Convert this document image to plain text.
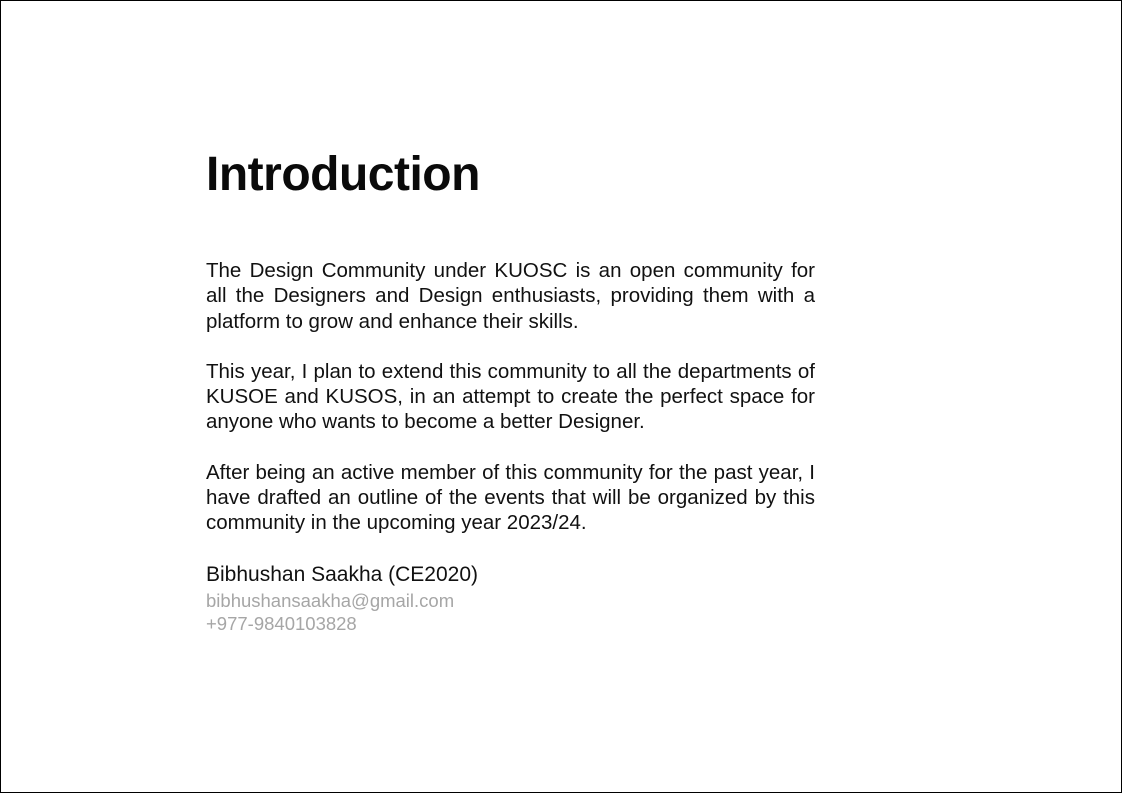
Introduction

The Design Community under KUOSC is an open community for all the Designers and Design enthusiasts, providing them with a platform to grow and enhance their skills.

This year, I plan to extend this community to all the departments of KUSOE and KUSOS, in an attempt to create the perfect space for anyone who wants to become a better Designer.

After being an active member of this community for the past year, I have drafted an outline of the events that will be organized by this community in the upcoming year 2023/24.

Bibhushan Saakha (CE2020)

bibhushansaakha@gmail.com

+977-9840103828
